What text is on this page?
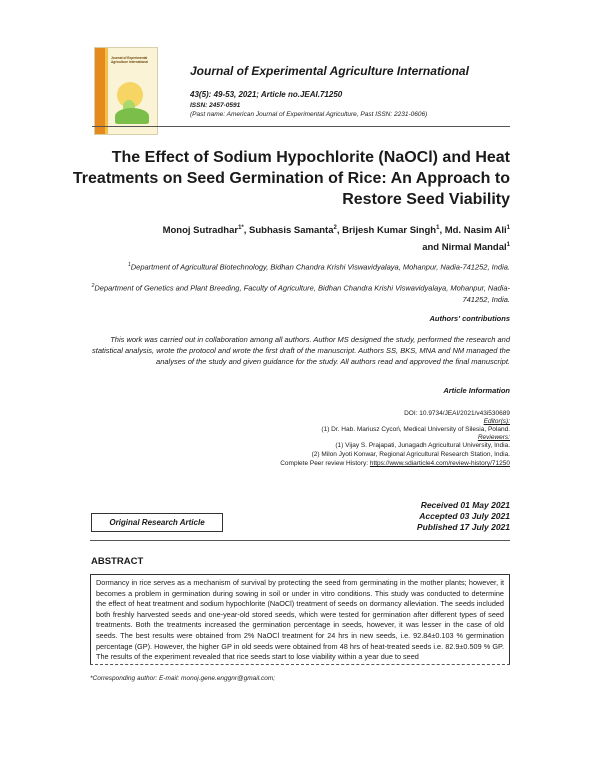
Journal of Experimental Agriculture International
Journal of Experimental Agriculture International
43(5): 49-53, 2021; Article no.JEAI.71250
ISSN: 2457-0591
(Past name: American Journal of Experimental Agriculture, Past ISSN: 2231-0606)
The Effect of Sodium Hypochlorite (NaOCl) and Heat Treatments on Seed Germination of Rice: An Approach to Restore Seed Viability
Monoj Sutradhar$^{1*}$, Subhasis Samanta$^2$, Brijesh Kumar Singh$^1$, Md. Nasim Ali$^1$
and Nirmal Mandal$^1$
$^1$Department of Agricultural Biotechnology, Bidhan Chandra Krishi Viswavidyalaya, Mohanpur, Nadia-741252, India.
$^2$Department of Genetics and Plant Breeding, Faculty of Agriculture, Bidhan Chandra Krishi Viswavidyalaya, Mohanpur, Nadia-741252, India.
Authors' contributions
This work was carried out in collaboration among all authors. Author MS designed the study, performed the research and statistical analysis, wrote the protocol and wrote the first draft of the manuscript. Authors SS, BKS, MNA and NM managed the analyses of the study and given guidance for the study. All authors read and approved the final manuscript.
Article Information
DOI: 10.9734/JEAI/2021/v43i530689
Editor(s):
(1) Dr. Hab. Mariusz Cycoń, Medical University of Silesia, Poland.
Reviewers:
(1) Vijay S. Prajapati, Junagadh Agricultural University, India.
(2) Milon Jyoti Konwar, Regional Agricultural Research Station, India.
Complete Peer review History: https://www.sdiarticle4.com/review-history/71250
Original Research Article
Received 01 May 2021
Accepted 03 July 2021
Published 17 July 2021
ABSTRACT
Dormancy in rice serves as a mechanism of survival by protecting the seed from germinating in the mother plants; however, it becomes a problem in germination during sowing in soil or under in vitro conditions. This study was conducted to determine the effect of heat treatment and sodium hypochlorite (NaOCl) treatment of seeds on dormancy alleviation. The seeds included both freshly harvested seeds and one-year-old stored seeds, which were tested for germination after different types of seed treatments. Both the treatments increased the germination percentage in seeds, however, it was lesser in the case of old seeds. The best results were obtained from 2% NaOCl treatment for 24 hrs in new seeds, i.e. 92.84±0.103 % germination percentage (GP). However, the higher GP in old seeds were obtained from 48 hrs of heat-treated seeds i.e. 82.9±0.509 % GP. The results of the experiment revealed that rice seeds start to lose viability within a year due to seed
*Corresponding author: E-mail: monoj.gene.enggnr@gmail.com;
